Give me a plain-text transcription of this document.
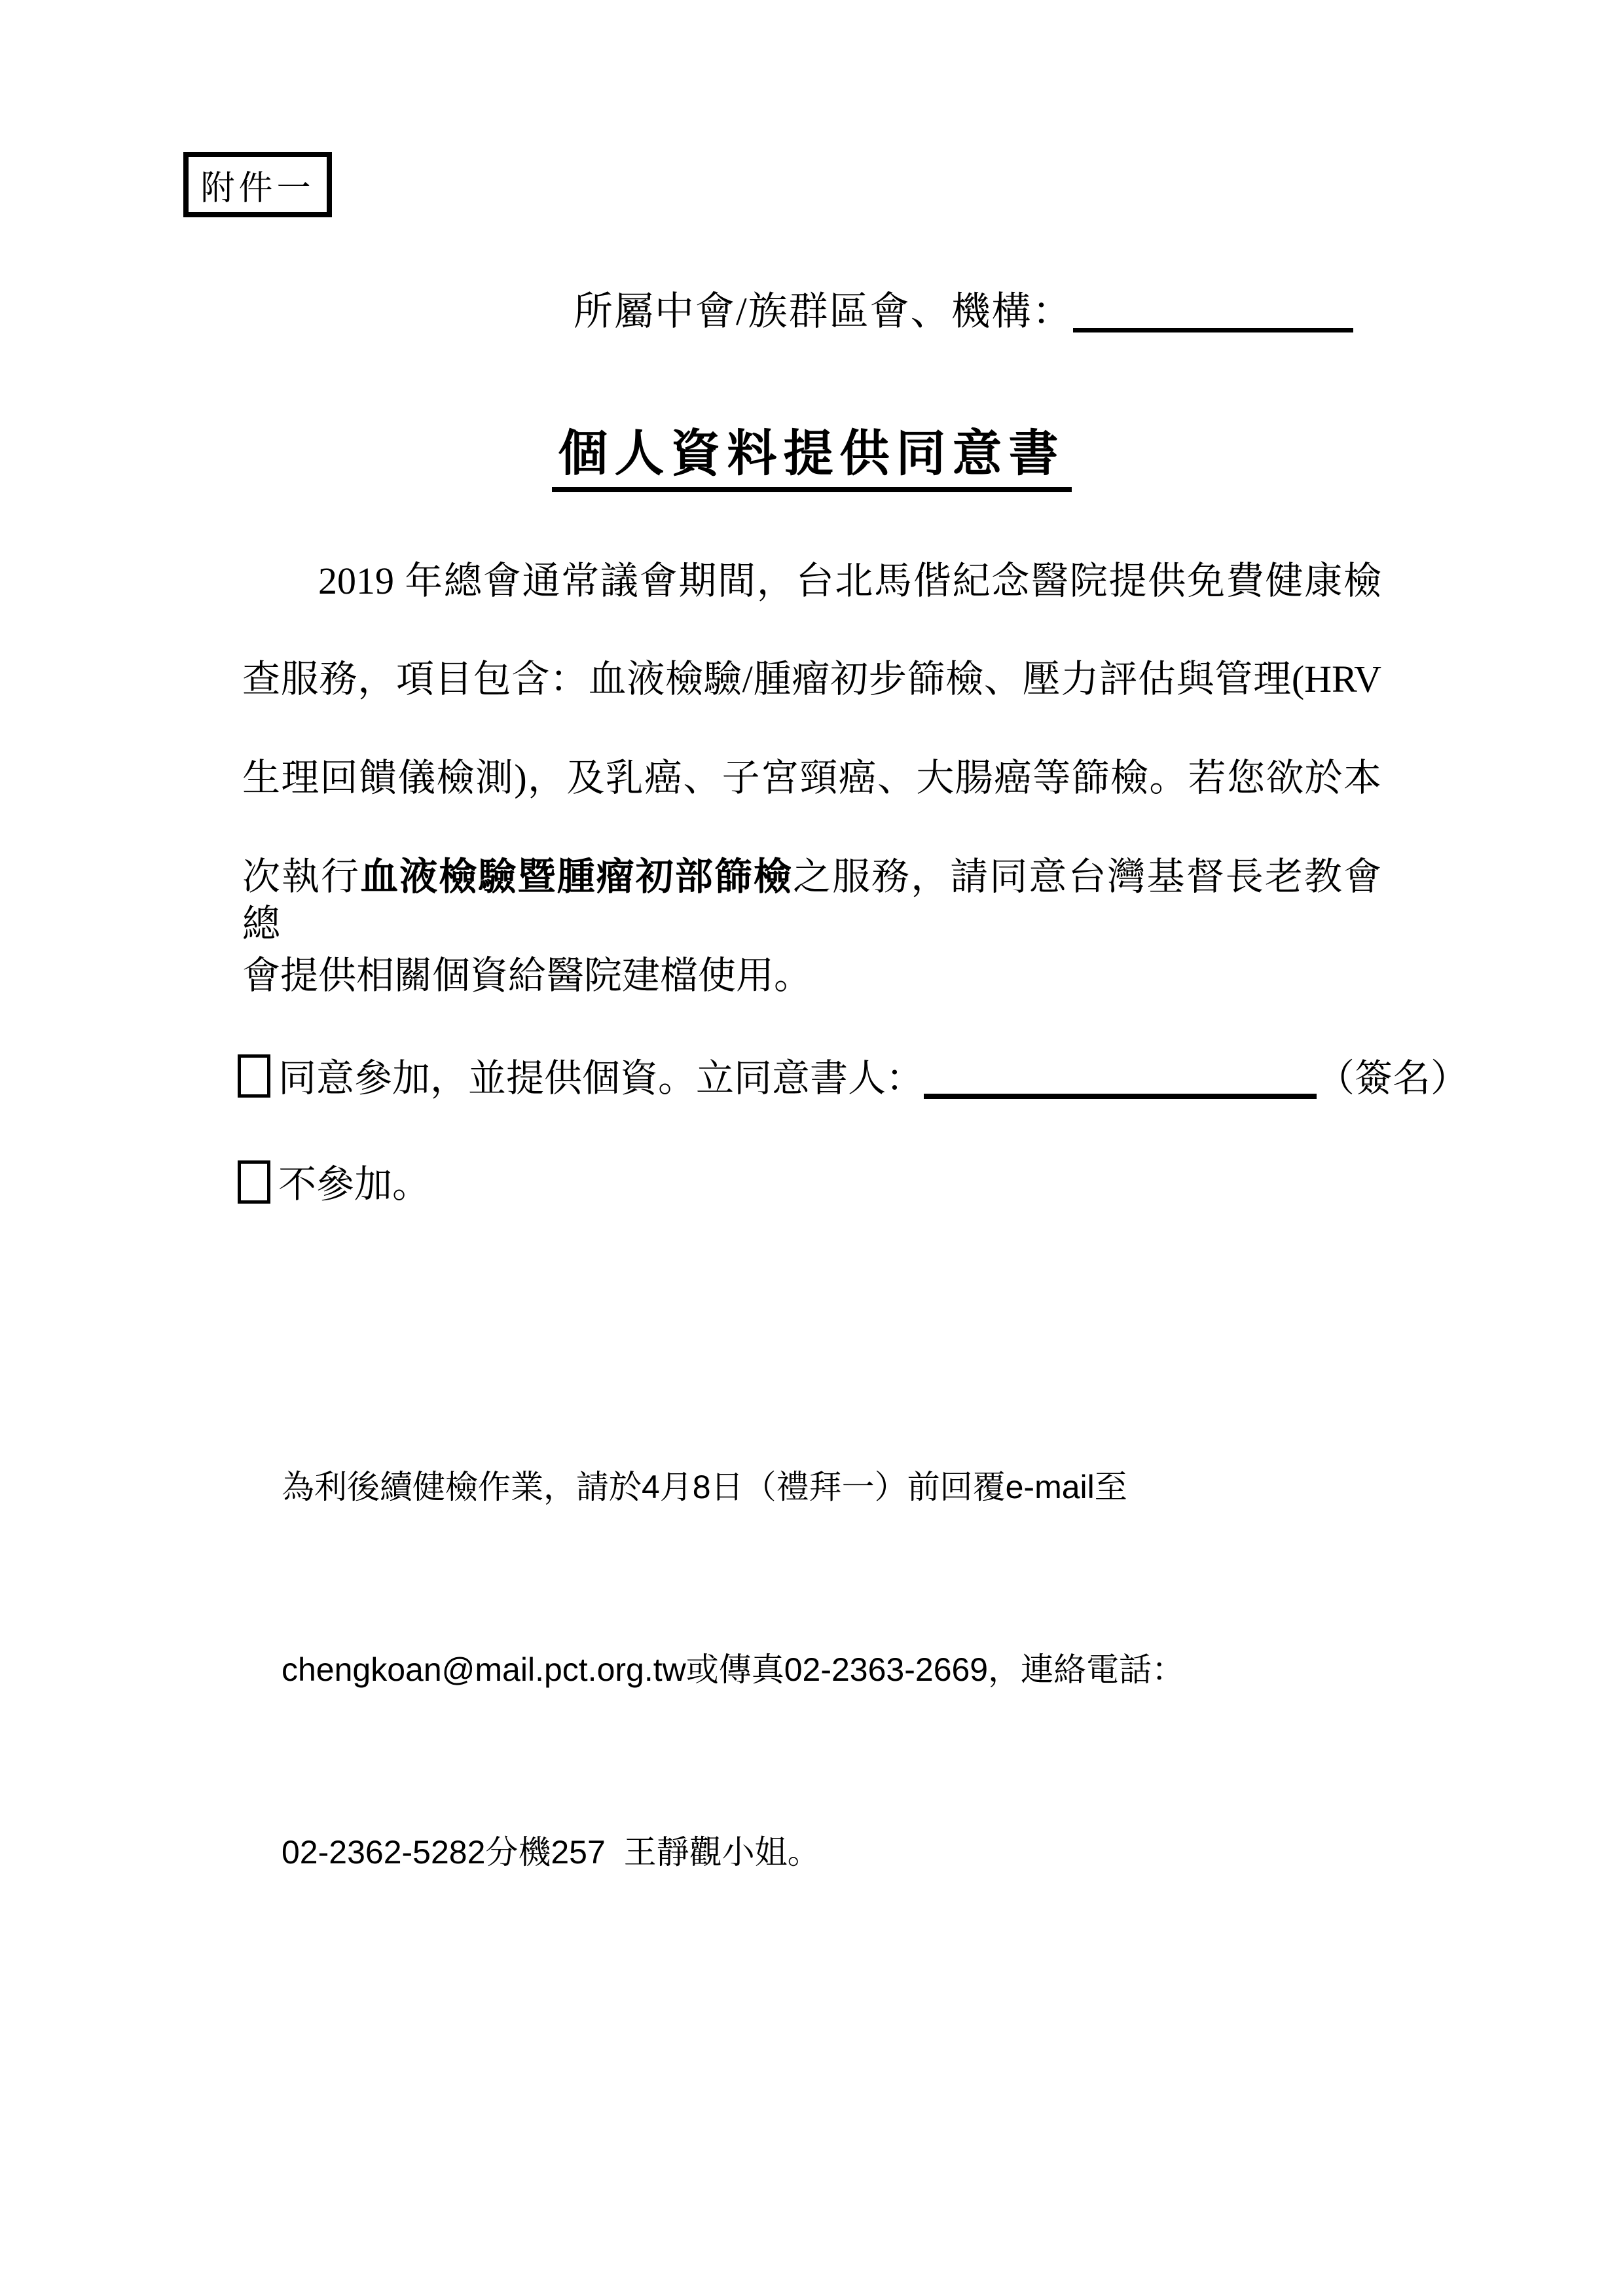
附件一
所屬中會/族群區會、機構：
個人資料提供同意書
2019 年總會通常議會期間，台北馬偕紀念醫院提供免費健康檢
查服務，項目包含：血液檢驗/腫瘤初步篩檢、壓力評估與管理(HRV
生理回饋儀檢測)，及乳癌、子宮頸癌、大腸癌等篩檢。若您欲於本
次執行血液檢驗暨腫瘤初部篩檢之服務，請同意台灣基督長老教會總
會提供相關個資給醫院建檔使用。
同意參加，並提供個資。立同意書人：	（簽名）
不參加。

為利後續健檢作業，請於4月8日（禮拜一）前回覆e-mail至

chengkoan@mail.pct.org.tw或傳真02-2363-2669，連絡電話：

02-2362-5282分機257  王靜觀小姐。
